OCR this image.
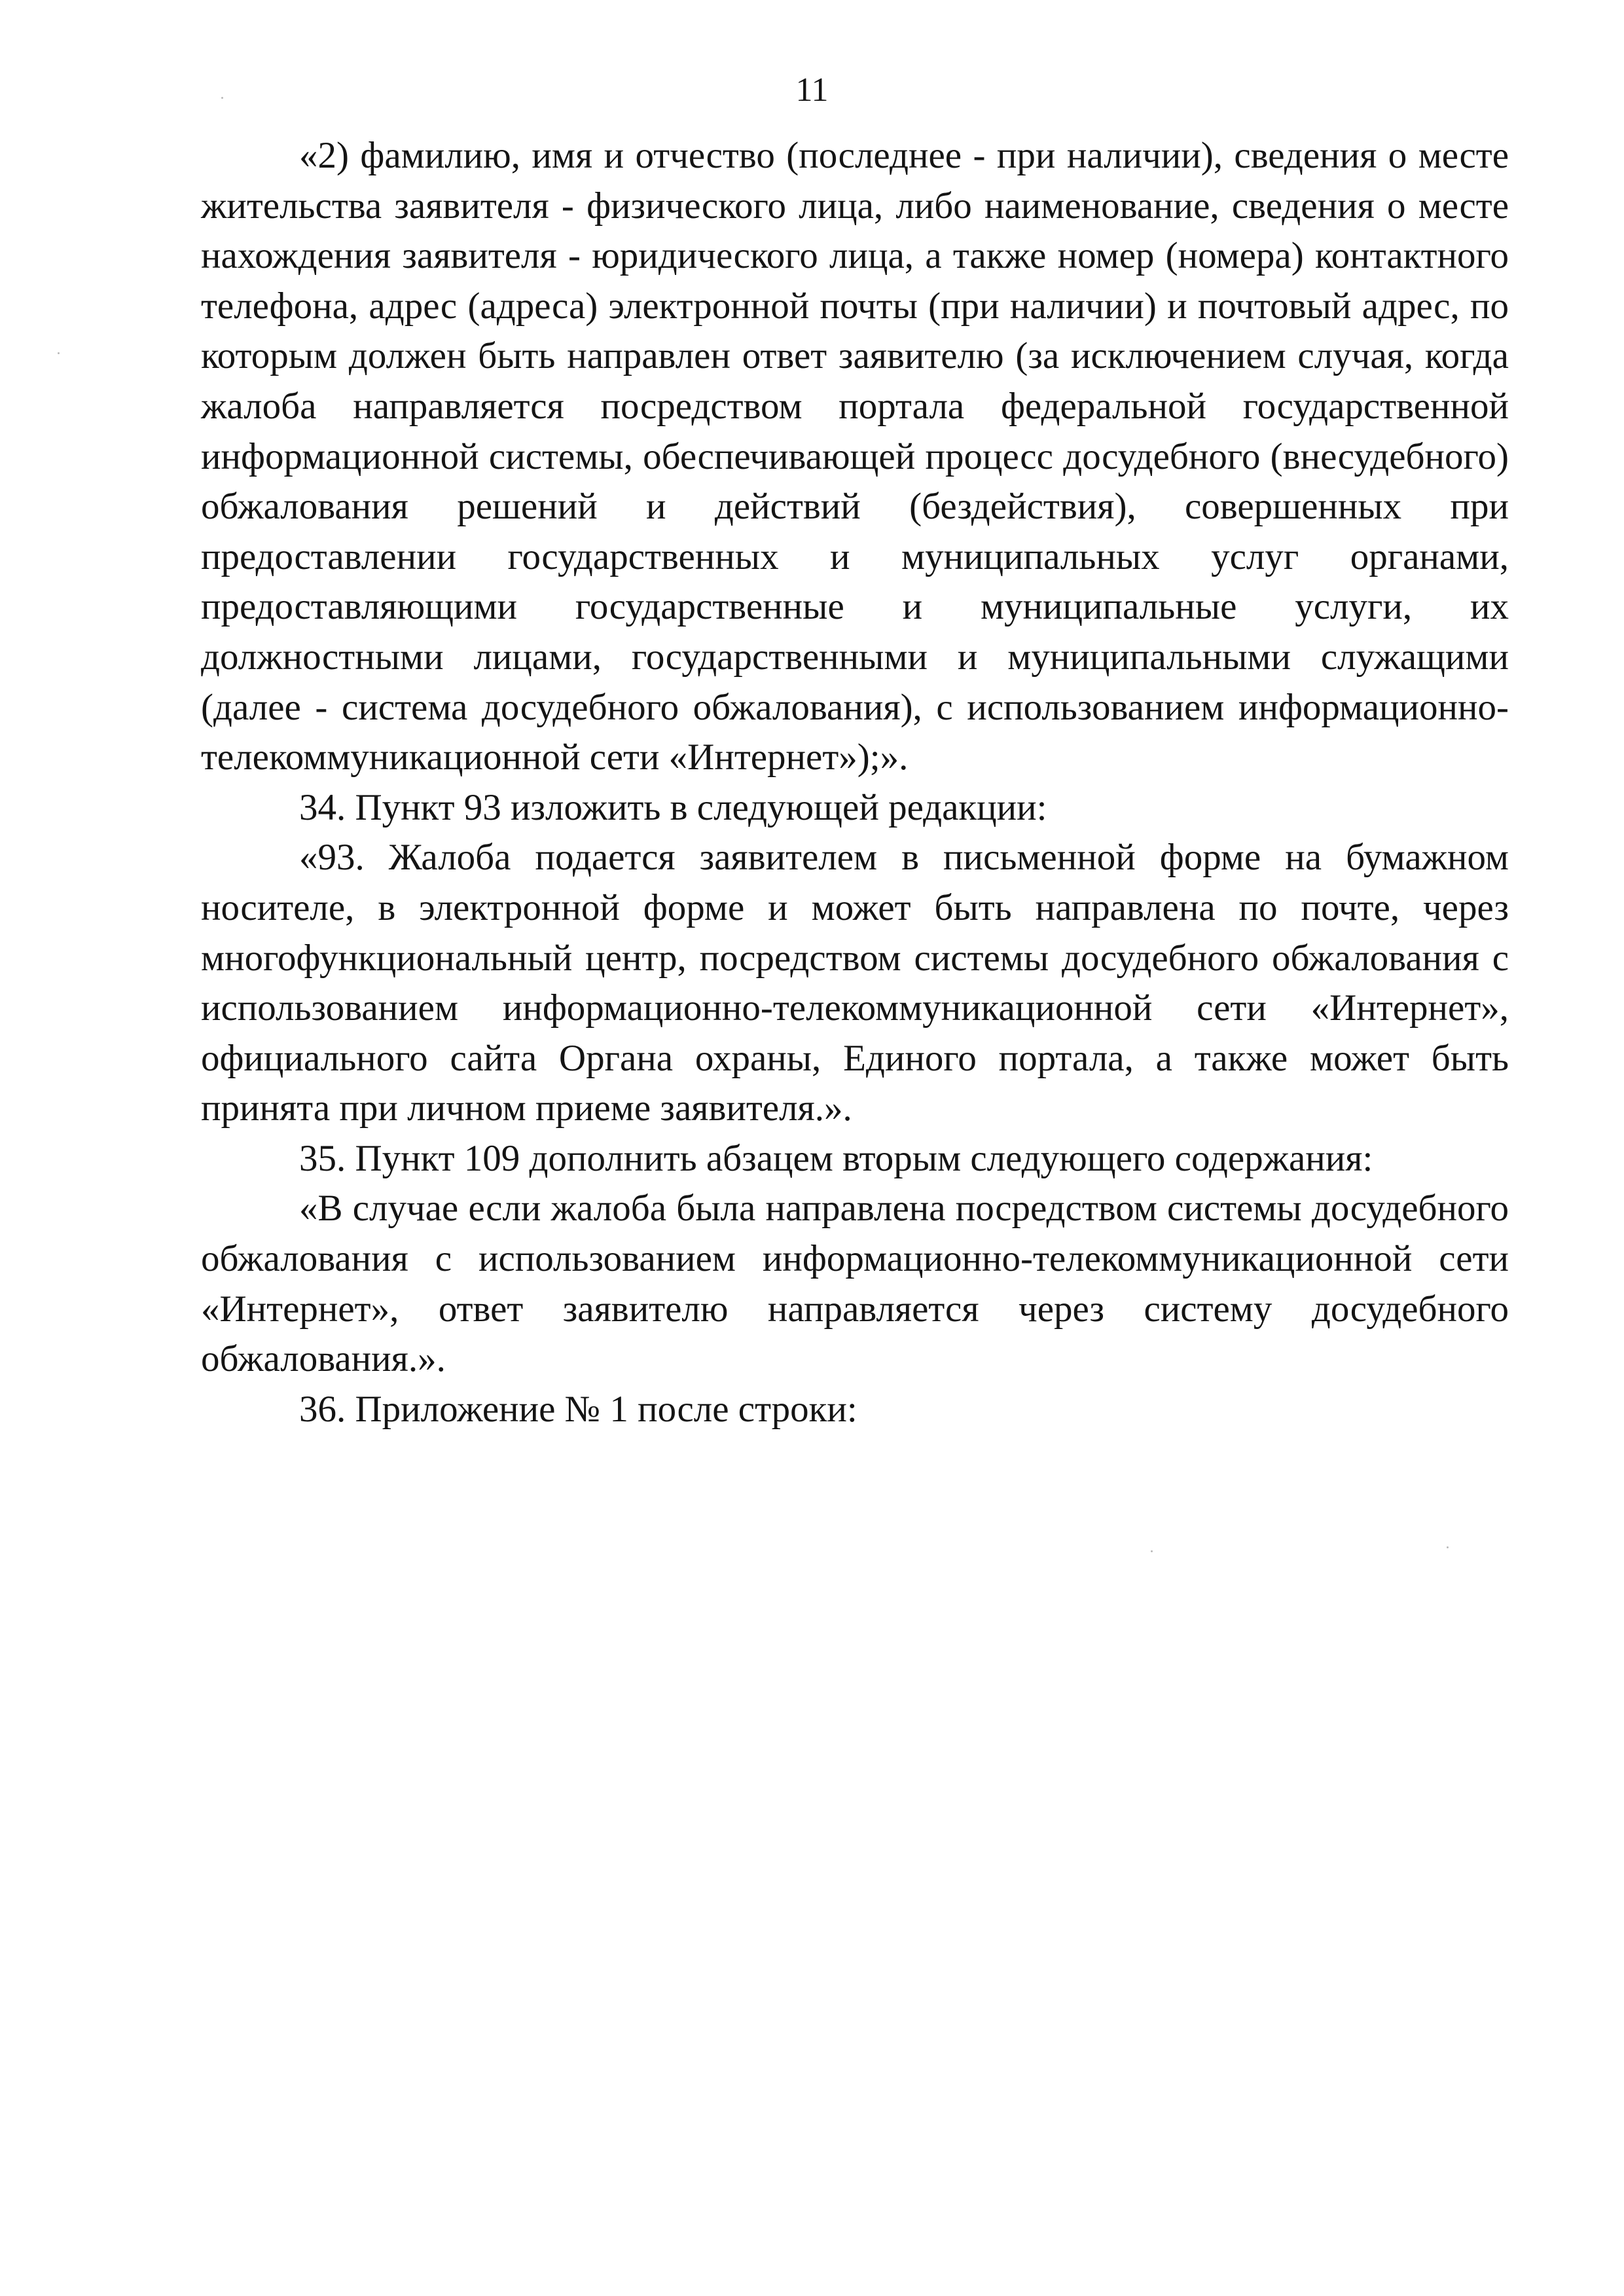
11

«2) фамилию, имя и отчество (последнее - при наличии), сведения о месте жительства заявителя - физического лица, либо наименование, сведения о месте нахождения заявителя - юридического лица, а также номер (номера) контактного телефона, адрес (адреса) электронной почты (при наличии) и почтовый адрес, по которым должен быть направлен ответ заявителю (за исключением случая, когда жалоба направляется посредством портала федеральной государственной информационной системы, обеспечивающей процесс досудебного (внесудебного) обжалования решений и действий (бездействия), совершенных при предоставлении государственных и муниципальных услуг органами, предоставляющими государственные и муниципальные услуги, их должностными лицами, государственными и муниципальными служащими (далее - система досудебного обжалования), с использованием информационно-телекоммуникационной сети «Интернет»);».

34. Пункт 93 изложить в следующей редакции:

«93. Жалоба подается заявителем в письменной форме на бумажном носителе, в электронной форме и может быть направлена по почте, через многофункциональный центр, посредством системы досудебного обжалования с использованием информационно-телекоммуникационной сети «Интернет», официального сайта Органа охраны, Единого портала, а также может быть принята при личном приеме заявителя.».

35. Пункт 109 дополнить абзацем вторым следующего содержания:

«В случае если жалоба была направлена посредством системы досудебного обжалования с использованием информационно-телекоммуникационной сети «Интернет», ответ заявителю направляется через систему досудебного обжалования.».

36. Приложение № 1 после строки:
